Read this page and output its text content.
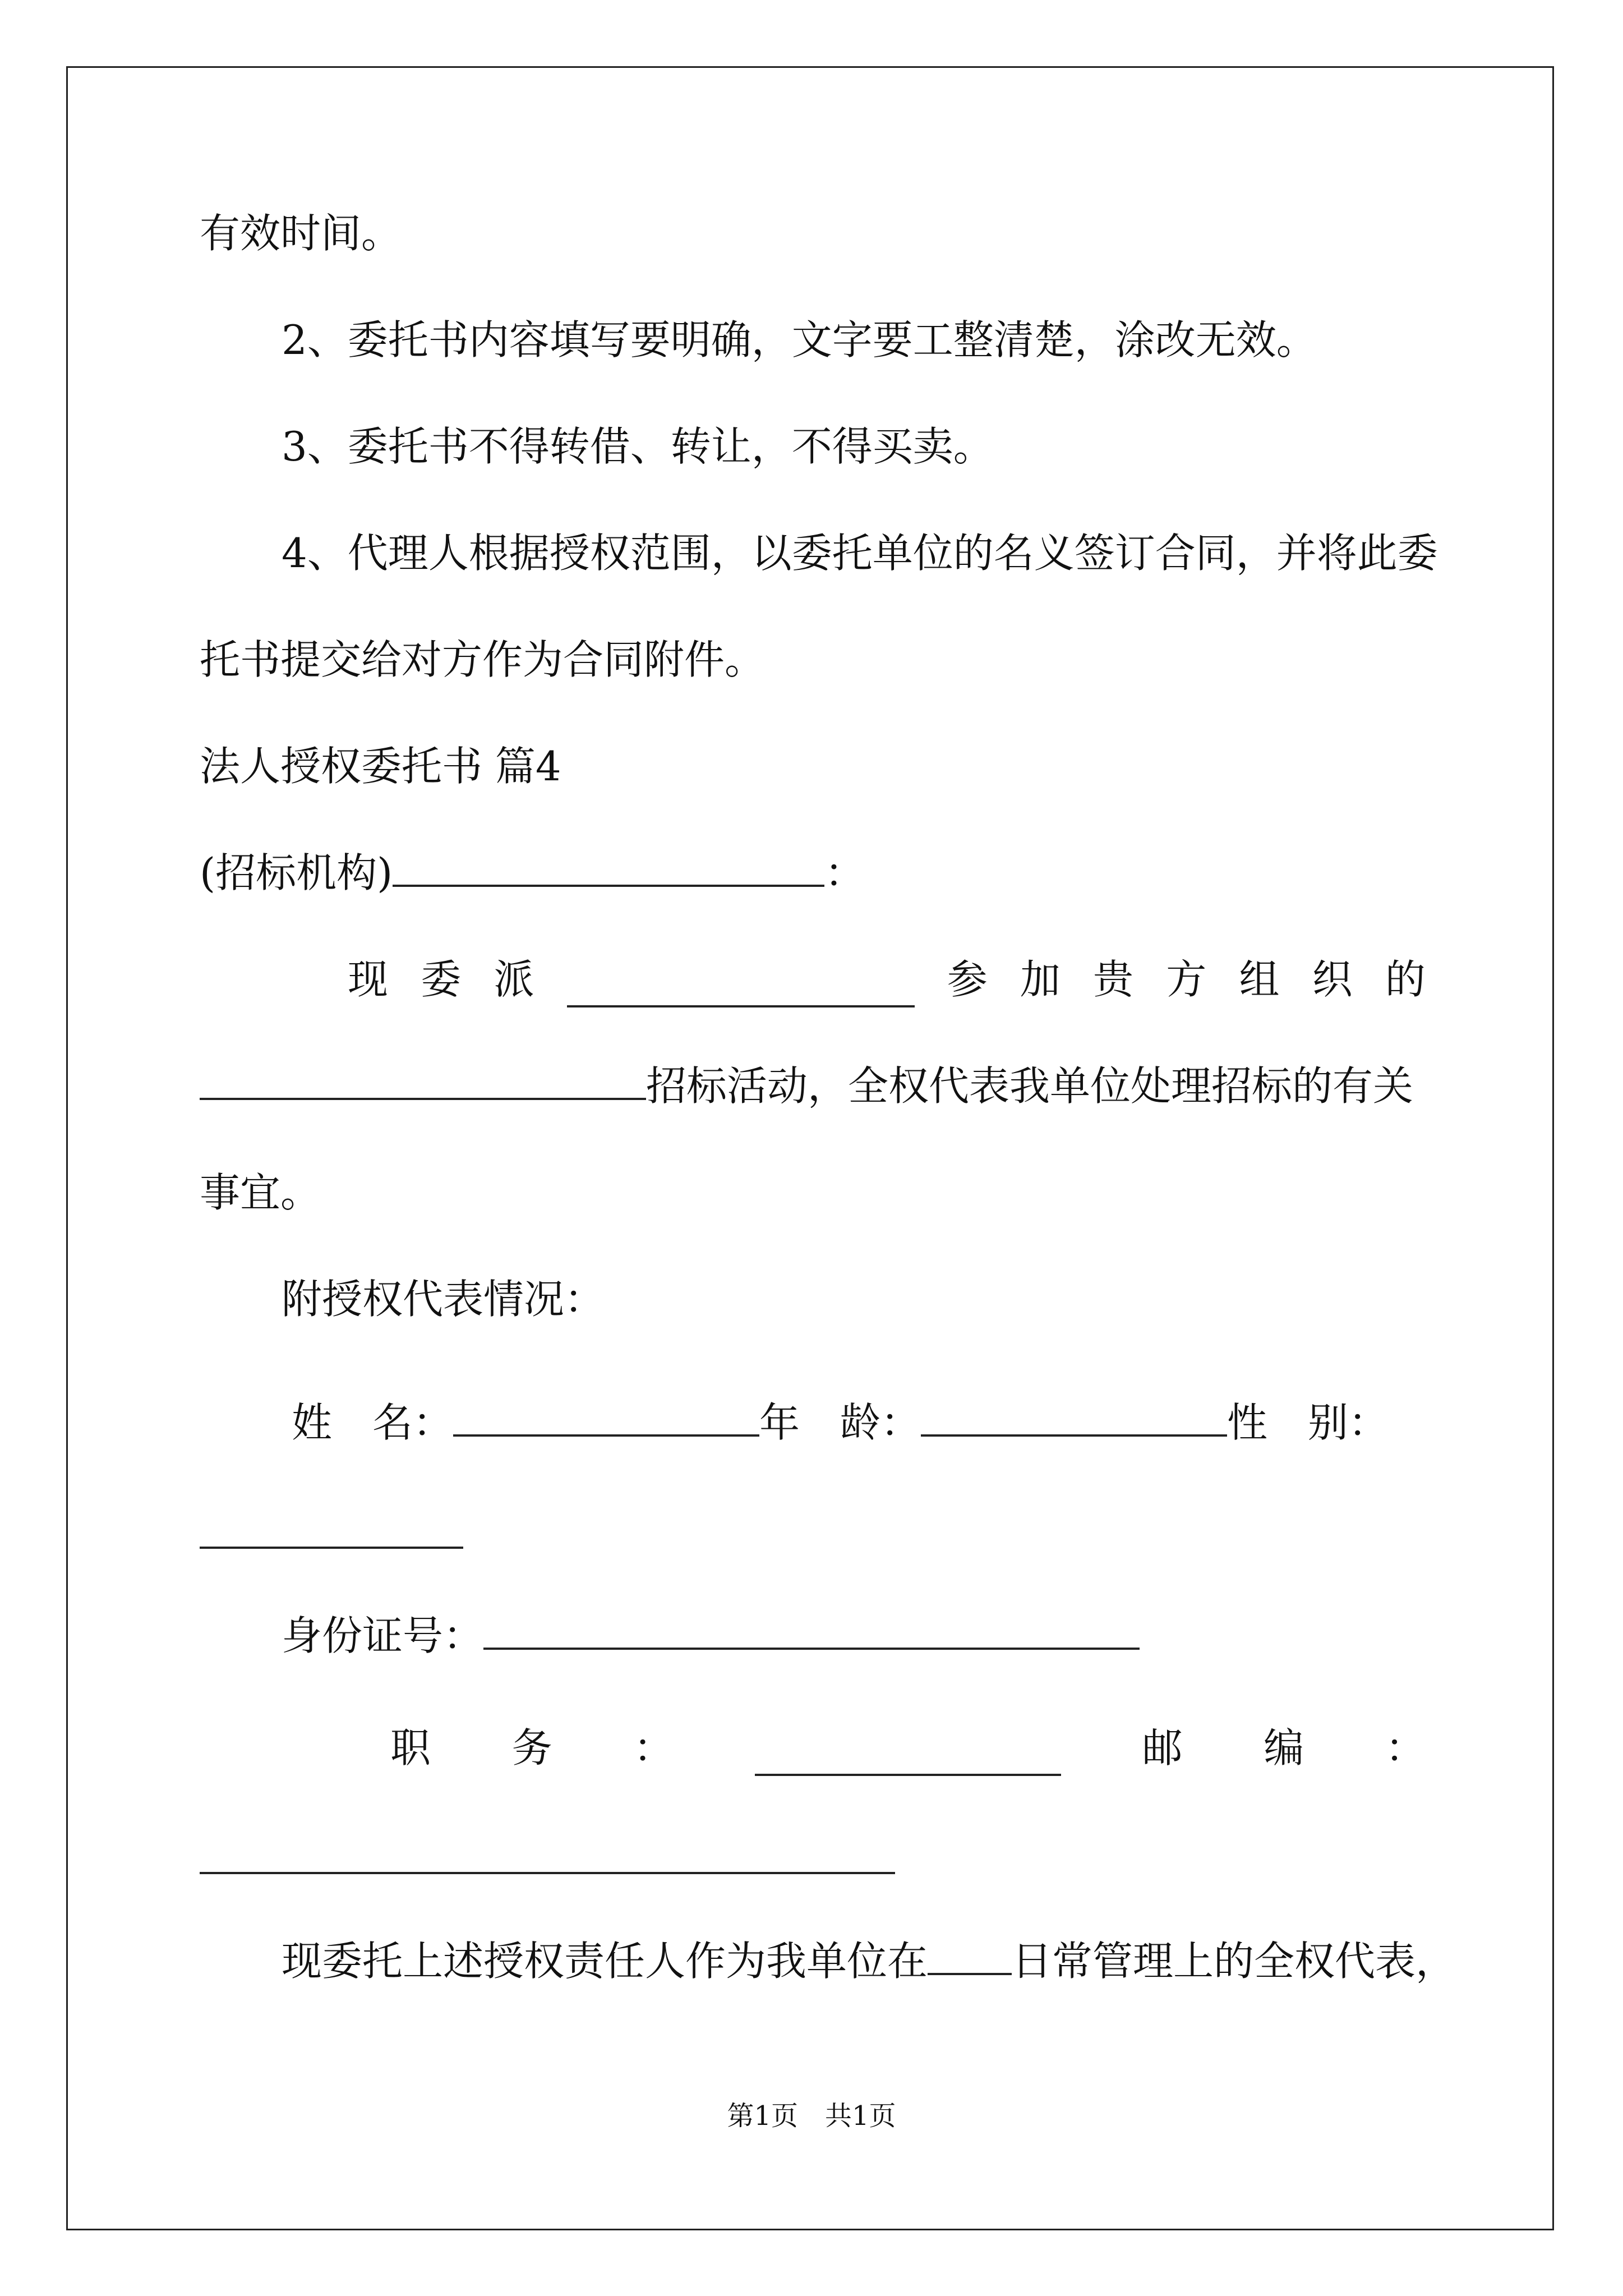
有效时间。
2、委托书内容填写要明确，文字要工整清楚，涂改无效。
3、委托书不得转借、转让，不得买卖。
4、代理人根据授权范围，以委托单位的名义签订合同，并将此委
托书提交给对方作为合同附件。
法人授权委托书 篇4
(招标机构)	：
现 委 派	参 加 贵 方 组 织 的
招标活动，全权代表我单位处理招标的有关
事宜。
附授权代表情况：
姓　名：	年　龄：	性　别：
身份证号：
职 务 ：	邮 编 ：
现委托上述授权责任人作为我单位在 日常管理上的全权代表，
第1页　共1页
